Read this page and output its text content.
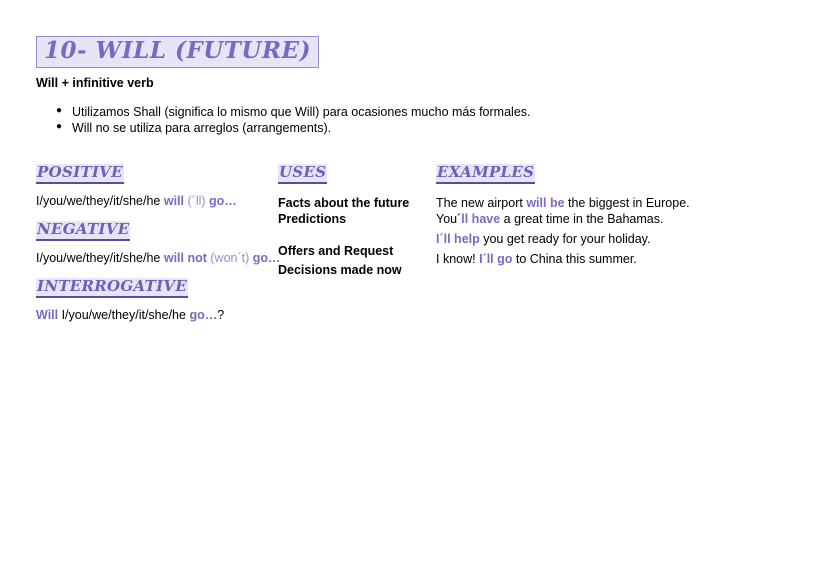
10- WILL (FUTURE)
Will + infinitive verb
● Utilizamos Shall (significa lo mismo que Will) para ocasiones mucho más formales.
● Will no se utiliza para arreglos (arrangements).
POSITIVE
I/you/we/they/it/she/he will (´ll) go…
NEGATIVE
I/you/we/they/it/she/he will not (won´t) go…
INTERROGATIVE
Will I/you/we/they/it/she/he go…?
USES
Facts about the future
Predictions
Offers and Request
Decisions made now
EXAMPLES
The new airport will be the biggest in Europe.
You´ll have a great time in the Bahamas.
I´ll help you get ready for your holiday.
I know! I´ll go to China this summer.
